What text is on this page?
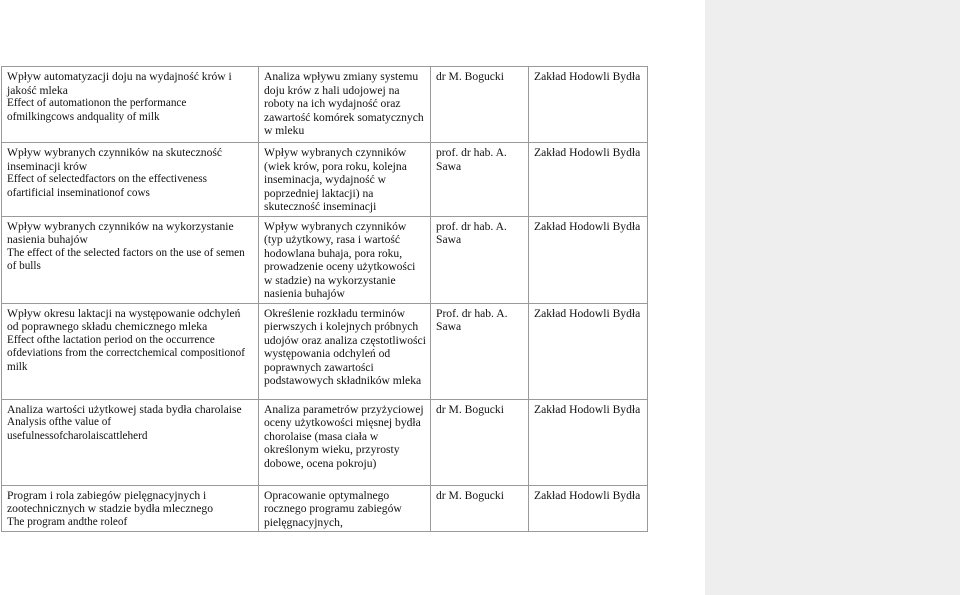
Wpływ automatyzacji doju na wydajność krów i jakość mleka
Effect of automationon the performance ofmilkingcows andquality of milk	Analiza wpływu zmiany systemu doju krów z hali udojowej na roboty na ich wydajność oraz zawartość komórek somatycznych w mleku	dr M. Bogucki	Zakład Hodowli Bydła

Wpływ wybranych czynników na skuteczność inseminacji krów
Effect of selectedfactors on the effectiveness ofartificial inseminationof cows	Wpływ wybranych czynników (wiek krów, pora roku, kolejna inseminacja, wydajność w poprzedniej laktacji) na skuteczność inseminacji	prof. dr hab. A. Sawa	Zakład Hodowli Bydła

Wpływ wybranych czynników na wykorzystanie nasienia buhajów
The effect of the selected factors on the use of semen of bulls	Wpływ wybranych czynników (typ użytkowy, rasa i wartość hodowlana buhaja, pora roku, prowadzenie oceny użytkowości w stadzie) na wykorzystanie nasienia buhajów	prof. dr hab. A. Sawa	Zakład Hodowli Bydła

Wpływ okresu laktacji na występowanie odchyleń od poprawnego składu chemicznego mleka
Effect ofthe lactation period on the occurrence ofdeviations from the correctchemical compositionof milk	Określenie rozkładu terminów pierwszych i kolejnych próbnych udojów oraz analiza częstotliwości występowania odchyleń od poprawnych zawartości podstawowych składników mleka	Prof. dr hab. A. Sawa	Zakład Hodowli Bydła

Analiza wartości użytkowej stada bydła charolaise
Analysis ofthe value of usefulnessofcharolaiscattleherd	Analiza parametrów przyżyciowej oceny użytkowości mięsnej bydła chorolaise (masa ciała w określonym wieku, przyrosty dobowe, ocena pokroju)	dr M. Bogucki	Zakład Hodowli Bydła

Program i rola zabiegów pielęgnacyjnych i zootechnicznych w stadzie bydła mlecznego
The program andthe roleof	Opracowanie optymalnego rocznego programu zabiegów pielęgnacyjnych,	dr M. Bogucki	Zakład Hodowli Bydła
